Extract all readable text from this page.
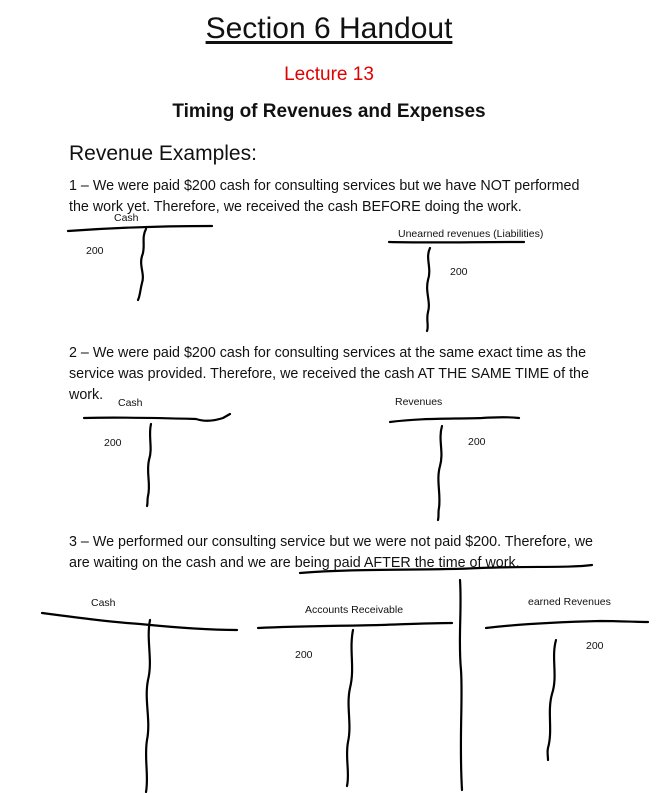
Section 6 Handout
Lecture 13
Timing of Revenues and Expenses
Revenue Examples:
1 – We were paid $200 cash for consulting services but we have NOT performed the work yet. Therefore, we received the cash BEFORE doing the work.
Cash
200
Unearned revenues (Liabilities)
200
2 – We were paid $200 cash for consulting services at the same exact time as the service was provided. Therefore, we received the cash AT THE SAME TIME of the work.	Cash
200
Revenues
200
3 – We performed our consulting service but we were not paid $200. Therefore, we are waiting on the cash and we are being paid AFTER the time of work.
Cash
Accounts Receivable
200
earned Revenues
200
